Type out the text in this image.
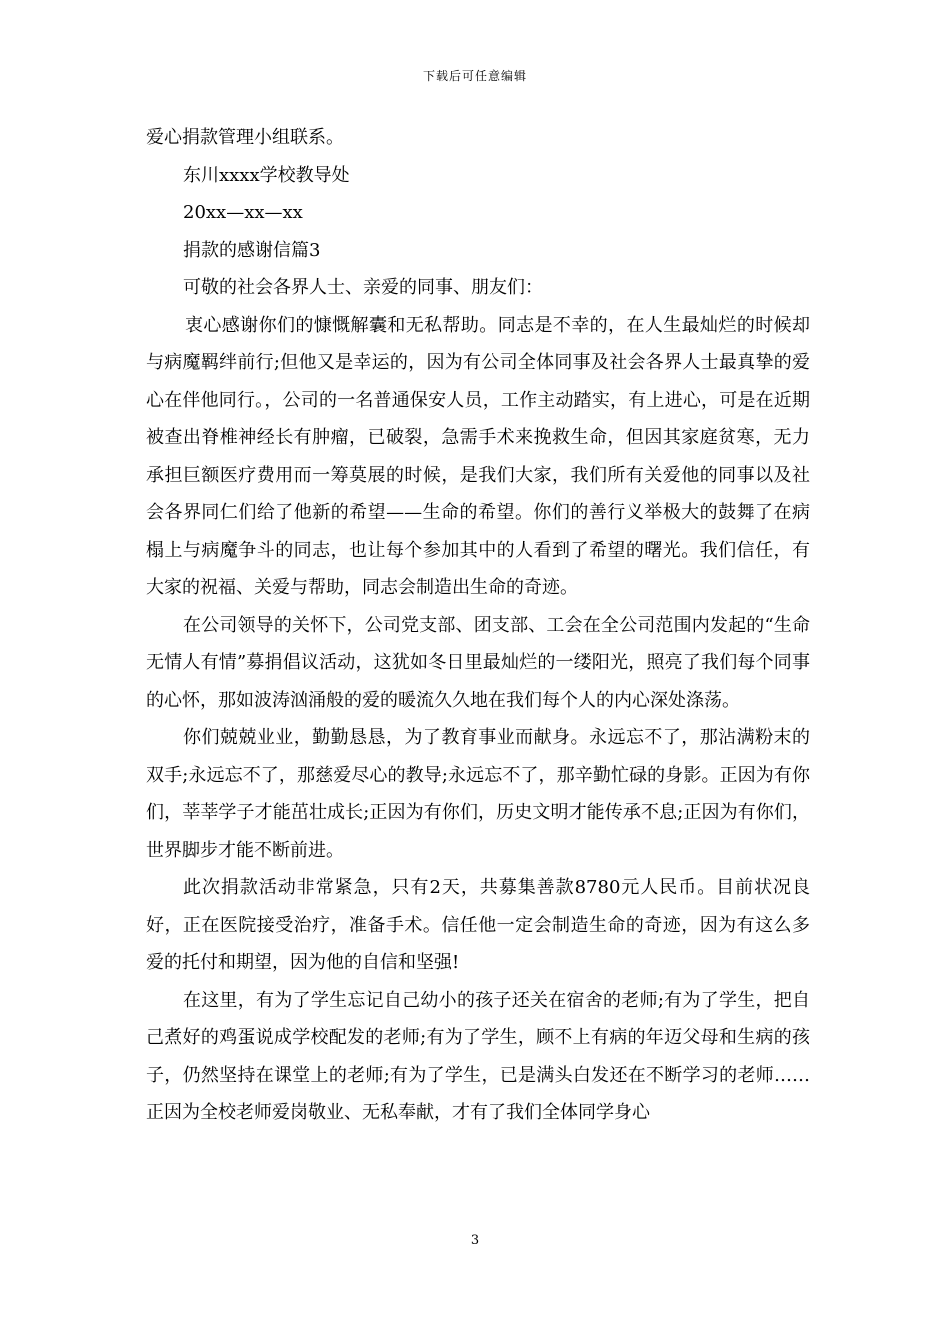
下载后可任意编辑

爱心捐款管理小组联系。

东川xxxx学校教导处

20xx—xx—xx

捐款的感谢信篇3

可敬的社会各界人士、亲爱的同事、朋友们：

衷心感谢你们的慷慨解囊和无私帮助。同志是不幸的，在人生最灿烂的时候却与病魔羁绊前行;但他又是幸运的，因为有公司全体同事及社会各界人士最真挚的爱心在伴他同行。，公司的一名普通保安人员，工作主动踏实，有上进心，可是在近期被查出脊椎神经长有肿瘤，已破裂，急需手术来挽救生命，但因其家庭贫寒，无力承担巨额医疗费用而一筹莫展的时候，是我们大家，我们所有关爱他的同事以及社会各界同仁们给了他新的希望——生命的希望。你们的善行义举极大的鼓舞了在病榻上与病魔争斗的同志，也让每个参加其中的人看到了希望的曙光。我们信任，有大家的祝福、关爱与帮助，同志会制造出生命的奇迹。

在公司领导的关怀下，公司党支部、团支部、工会在全公司范围内发起的“生命无情人有情”募捐倡议活动，这犹如冬日里最灿烂的一缕阳光，照亮了我们每个同事的心怀，那如波涛汹涌般的爱的暖流久久地在我们每个人的内心深处涤荡。

你们兢兢业业，勤勤恳恳，为了教育事业而献身。永远忘不了，那沾满粉末的双手;永远忘不了，那慈爱尽心的教导;永远忘不了，那辛勤忙碌的身影。正因为有你们，莘莘学子才能茁壮成长;正因为有你们，历史文明才能传承不息;正因为有你们，世界脚步才能不断前进。

此次捐款活动非常紧急，只有2天，共募集善款8780元人民币。目前状况良好，正在医院接受治疗，准备手术。信任他一定会制造生命的奇迹，因为有这么多爱的托付和期望，因为他的自信和坚强!

在这里，有为了学生忘记自己幼小的孩子还关在宿舍的老师;有为了学生，把自己煮好的鸡蛋说成学校配发的老师;有为了学生，顾不上有病的年迈父母和生病的孩子，仍然坚持在课堂上的老师;有为了学生，已是满头白发还在不断学习的老师……正因为全校老师爱岗敬业、无私奉献，才有了我们全体同学身心

3
